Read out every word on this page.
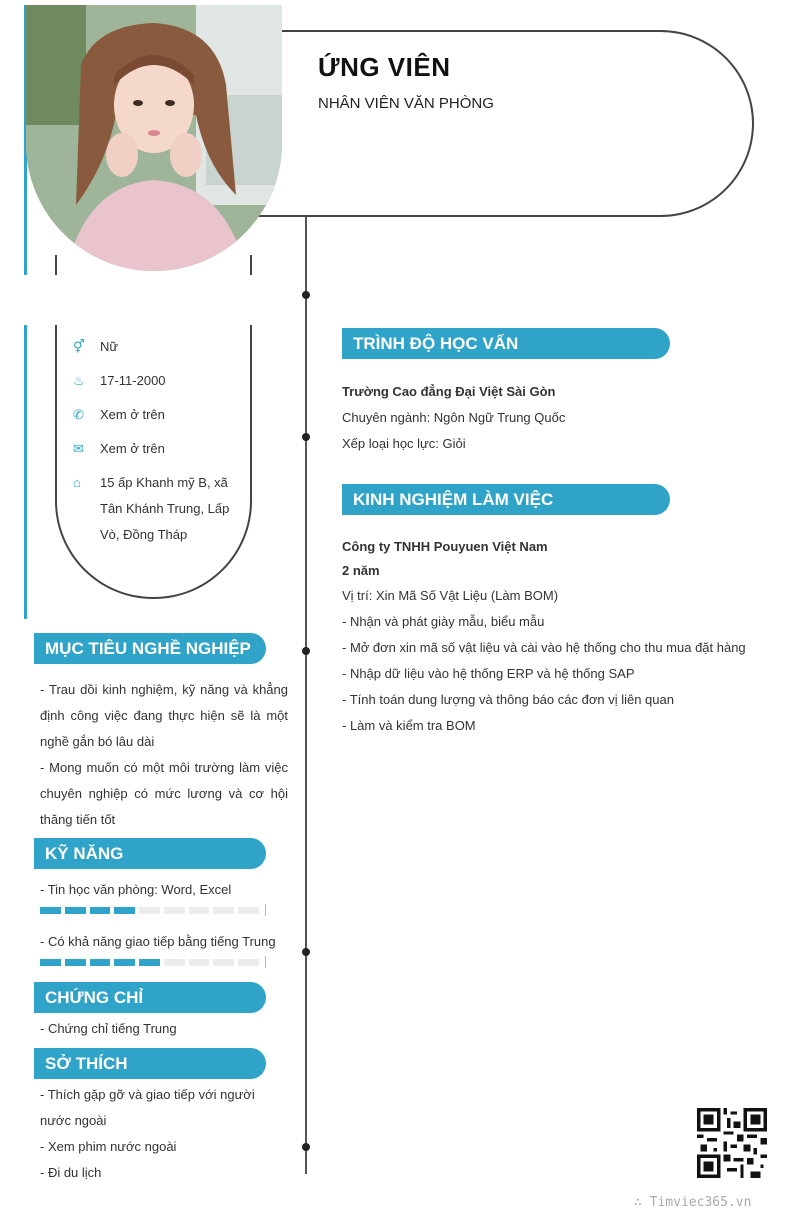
ỨNG VIÊN
NHÂN VIÊN VĂN PHÒNG
⚥	Nữ
♨	17-11-2000
✆	Xem ở trên
✉	Xem ở trên
⌂	15 ấp Khanh mỹ B, xã Tân Khánh Trung, Lấp Vò, Đồng Tháp
MỤC TIÊU NGHỀ NGHIỆP
- Trau dồi kinh nghiệm, kỹ năng và khẳng định công việc đang thực hiện sẽ là một nghề gắn bó lâu dài
- Mong muốn có một môi trường làm việc chuyên nghiệp có mức lương và cơ hội thăng tiến tốt
KỸ NĂNG
- Tin học văn phòng: Word, Excel
- Có khả năng giao tiếp bằng tiếng Trung
CHỨNG CHỈ
- Chứng chỉ tiếng Trung
SỞ THÍCH
- Thích gặp gỡ và giao tiếp với người nước ngoài
- Xem phim nước ngoài
- Đi du lịch
TRÌNH ĐỘ HỌC VẤN
Trường Cao đẳng Đại Việt Sài Gòn
Chuyên ngành: Ngôn Ngữ Trung Quốc
Xếp loại học lực: Giỏi
KINH NGHIỆM LÀM VIỆC
Công ty TNHH Pouyuen Việt Nam
2 năm
Vị trí: Xin Mã Số Vật Liệu (Làm BOM)
- Nhận và phát giày mẫu, biểu mẫu
- Mở đơn xin mã số vật liệu và cài vào hệ thống cho thu mua đặt hàng
- Nhập dữ liệu vào hệ thống ERP và hệ thống SAP
- Tính toán dung lượng và thông báo các đơn vị liên quan
- Làm và kiểm tra BOM
∴ Timviec365.vn
